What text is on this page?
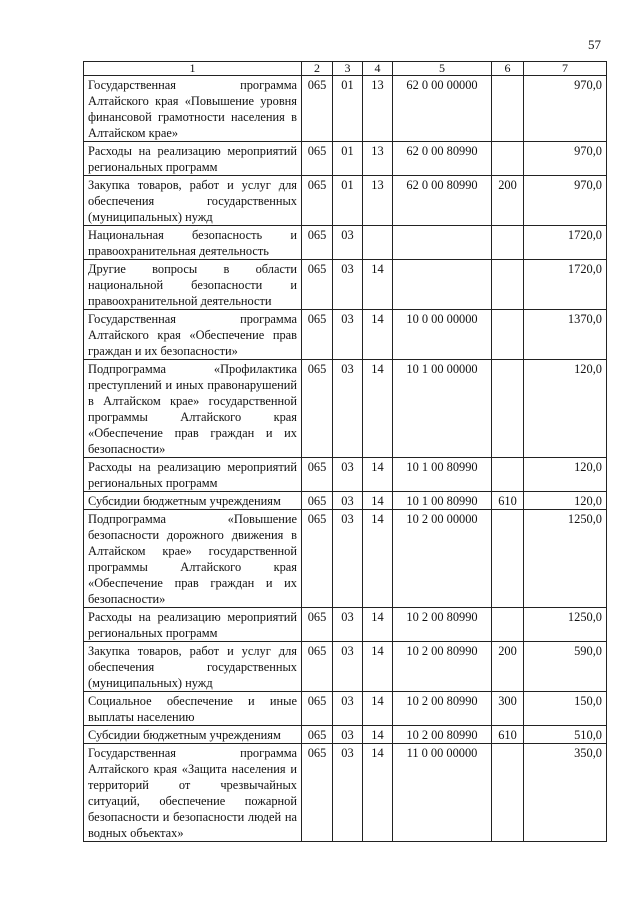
57
1	2	3	4	5	6	7
Государственная программа Алтайского края «Повышение уровня финансовой грамотности населения в Алтайском крае»	065	01	13	62 0 00 00000		970,0
Расходы на реализацию мероприятий региональных программ	065	01	13	62 0 00 80990		970,0
Закупка товаров, работ и услуг для обеспечения государственных (муниципальных) нужд	065	01	13	62 0 00 80990	200	970,0
Национальная безопасность и правоохранительная деятельность	065	03				1720,0
Другие вопросы в области национальной безопасности и правоохранительной деятельности	065	03	14			1720,0
Государственная программа Алтайского края «Обеспечение прав граждан и их безопасности»	065	03	14	10 0 00 00000		1370,0
Подпрограмма «Профилактика преступлений и иных правонарушений в Алтайском крае» государственной программы Алтайского края «Обеспечение прав граждан и их безопасности»	065	03	14	10 1 00 00000		120,0
Расходы на реализацию мероприятий региональных программ	065	03	14	10 1 00 80990		120,0
Субсидии бюджетным учреждениям	065	03	14	10 1 00 80990	610	120,0
Подпрограмма «Повышение безопасности дорожного движения в Алтайском крае» государственной программы Алтайского края «Обеспечение прав граждан и их безопасности»	065	03	14	10 2 00 00000		1250,0
Расходы на реализацию мероприятий региональных программ	065	03	14	10 2 00 80990		1250,0
Закупка товаров, работ и услуг для обеспечения государственных (муниципальных) нужд	065	03	14	10 2 00 80990	200	590,0
Социальное обеспечение и иные выплаты населению	065	03	14	10 2 00 80990	300	150,0
Субсидии бюджетным учреждениям	065	03	14	10 2 00 80990	610	510,0
Государственная программа Алтайского края «Защита населения и территорий от чрезвычайных ситуаций, обеспечение пожарной безопасности и безопасности людей на водных объектах»	065	03	14	11 0 00 00000		350,0
